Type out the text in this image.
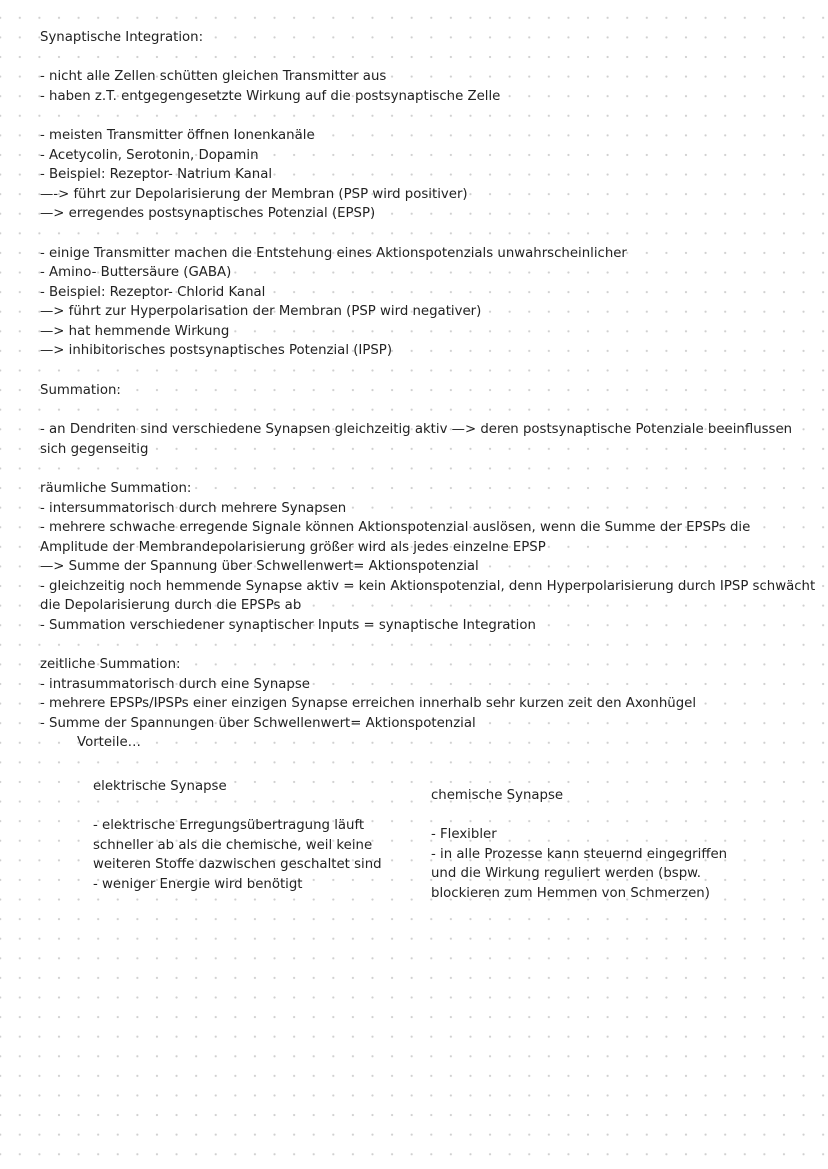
Synaptische Integration:

- nicht alle Zellen schütten gleichen Transmitter aus

- haben z.T. entgegengesetzte Wirkung auf die postsynaptische Zelle

- meisten Transmitter öffnen Ionenkanäle

- Acetycolin, Serotonin, Dopamin

- Beispiel: Rezeptor- Natrium Kanal

—-> führt zur Depolarisierung der Membran (PSP wird positiver)

—> erregendes postsynaptisches Potenzial (EPSP)

- einige Transmitter machen die Entstehung eines Aktionspotenzials unwahrscheinlicher

- Amino- Buttersäure (GABA)

- Beispiel: Rezeptor- Chlorid Kanal

—> führt zur Hyperpolarisation der Membran (PSP wird negativer)

—> hat hemmende Wirkung

—> inhibitorisches postsynaptisches Potenzial (IPSP)

Summation:

- an Dendriten sind verschiedene Synapsen gleichzeitig aktiv —> deren postsynaptische Potenziale beeinflussen

sich gegenseitig

räumliche Summation:

- intersummatorisch durch mehrere Synapsen

- mehrere schwache erregende Signale können Aktionspotenzial auslösen, wenn die Summe der EPSPs die

Amplitude der Membrandepolarisierung größer wird als jedes einzelne EPSP

—> Summe der Spannung über Schwellenwert= Aktionspotenzial

- gleichzeitig noch hemmende Synapse aktiv = kein Aktionspotenzial, denn Hyperpolarisierung durch IPSP schwächt

die Depolarisierung durch die EPSPs ab

- Summation verschiedener synaptischer Inputs = synaptische Integration

zeitliche Summation:

- intrasummatorisch durch eine Synapse

- mehrere EPSPs/IPSPs einer einzigen Synapse erreichen innerhalb sehr kurzen zeit den Axonhügel

- Summe der Spannungen über Schwellenwert= Aktionspotenzial

Vorteile…

elektrische Synapse

- elektrische Erregungsübertragung läuft

schneller ab als die chemische, weil keine

weiteren Stoffe dazwischen geschaltet sind

- weniger Energie wird benötigt

chemische Synapse

- Flexibler

- in alle Prozesse kann steuernd eingegriffen

und die Wirkung reguliert werden (bspw.

blockieren zum Hemmen von Schmerzen)
